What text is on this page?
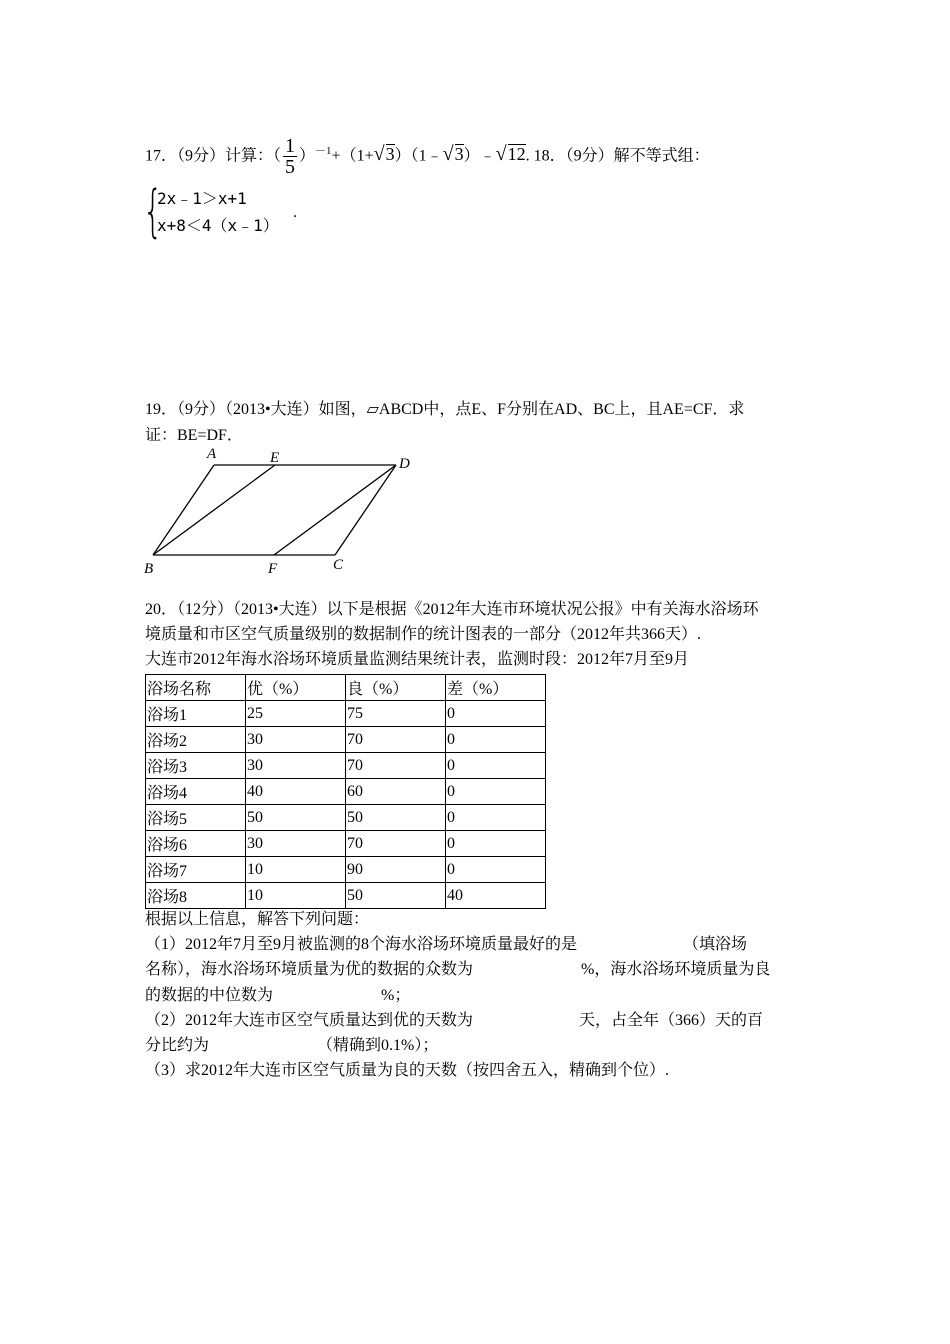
17．（9分）计算：（ $\frac{1}{5} )^{-1}+(1+$ √ 3）（1﹣ √ 3）﹣ √ 12. 18．（9分）解不等式组：
{
2x﹣1＞x+1
x+8＜4（x﹣1）
.
19．（9分）（2013•大连）如图，▱ABCD中，点E、F分别在AD、BC上，且AE=CF．求
证：BE=DF．
A	E	D
B	F	C
20．（12分）（2013•大连）以下是根据《2012年大连市环境状况公报》中有关海水浴场环
境质量和市区空气质量级别的数据制作的统计图表的一部分（2012年共366天）.
大连市2012年海水浴场环境质量监测结果统计表，监测时段：2012年7月至9月
浴场名称	优（%）	良（%）	差（%）
浴场1	25	75	0
浴场2	30	70	0
浴场3	30	70	0
浴场4	40	60	0
浴场5	50	50	0
浴场6	30	70	0
浴场7	10	90	0
浴场8	10	50	40
根据以上信息，解答下列问题：
（1）2012年7月至9月被监测的8个海水浴场环境质量最好的是	（填浴场
名称），海水浴场环境质量为优的数据的众数为	%，海水浴场环境质量为良
的数据的中位数为	%；
（2）2012年大连市区空气质量达到优的天数为	天，占全年（366）天的百
分比约为	（精确到0.1%）；
（3）求2012年大连市区空气质量为良的天数（按四舍五入，精确到个位）.
